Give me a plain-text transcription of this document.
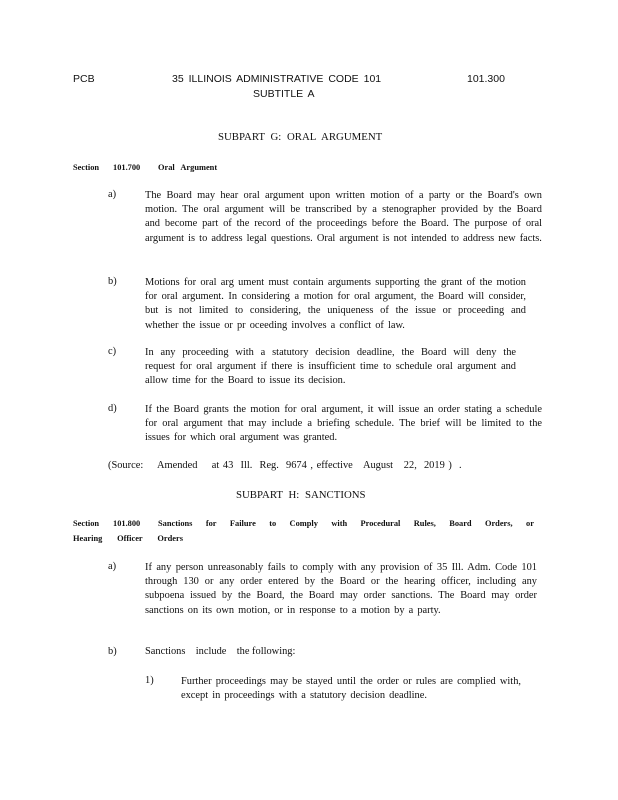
PCB	35 ILLINOIS ADMINISTRATIVE CODE 101
SUBTITLE A
101.300
SUBPART G: ORAL ARGUMENT
Section 101.700 Oral Argument
a)	The Board may hear oral argument upon written motion of a party or the Board's own motion. The oral argument will be transcribed by a stenographer provided by the Board and become part of the record of the proceedings before the Board. The purpose of oral argument is to address legal questions. Oral argument is not intended to address new facts.
b)	Motions for oral arg ument must contain arguments supporting the grant of the motion for oral argument. In considering a motion for oral argument, the Board will consider, but is not limited to considering, the uniqueness of the issue or proceeding and whether the issue or pr oceeding involves a conflict of law.
c)	In any proceeding with a statutory decision deadline, the Board will deny the request for oral argument if there is insufficient time to schedule oral argument and allow time for the Board to issue its decision.
d)	If the Board grants the motion for oral argument, it will issue an order stating a schedule for oral argument that may include a briefing schedule. The brief will be limited to the issues for which oral argument was granted.
(Source:    Amended    at 43  Ill.  Reg.  9674 , effective   August   22,  2019 )  .
SUBPART H: SANCTIONS
Section 101.800 Sanctions for Failure to Comply with Procedural Rules, Board Orders, or
Hearing Officer Orders
a)	If any person unreasonably fails to comply with any provision of 35 Ill. Adm. Code 101 through 130 or any order entered by the Board or the hearing officer, including any subpoena issued by the Board, the Board may order sanctions. The Board may order sanctions on its own motion, or in response to a motion by a party.
b)	Sanctions    include    the following:
1)	Further proceedings may be stayed until the order or rules are complied with, except in proceedings with a statutory decision deadline.
